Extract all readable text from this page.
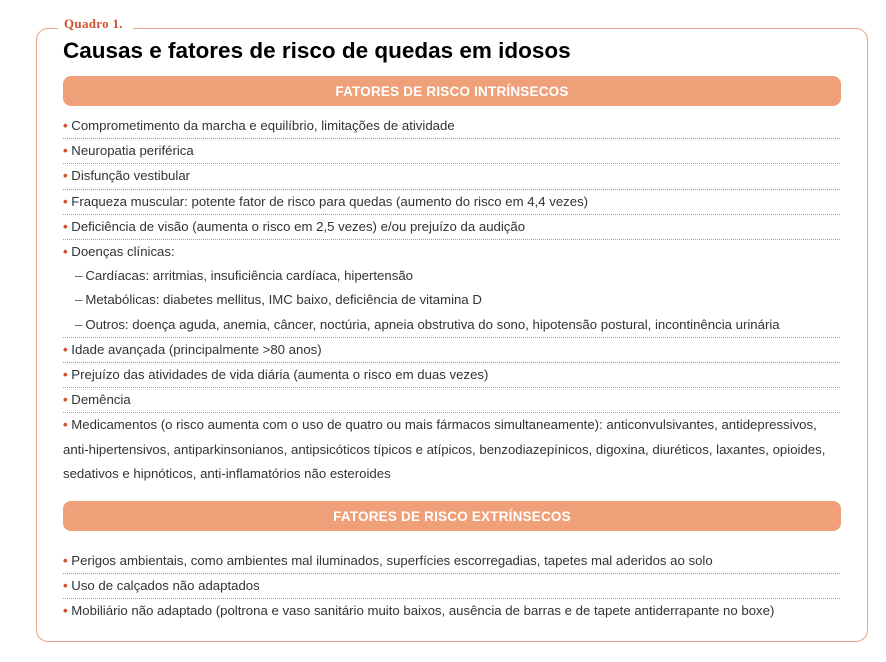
Quadro 1.
Causas e fatores de risco de quedas em idosos
FATORES DE RISCO INTRÍNSECOS
• Comprometimento da marcha e equilíbrio, limitações de atividade
• Neuropatia periférica
• Disfunção vestibular
• Fraqueza muscular: potente fator de risco para quedas (aumento do risco em 4,4 vezes)
• Deficiência de visão (aumenta o risco em 2,5 vezes) e/ou prejuízo da audição
• Doenças clínicas:
– Cardíacas: arritmias, insuficiência cardíaca, hipertensão
– Metabólicas: diabetes mellitus, IMC baixo, deficiência de vitamina D
– Outros: doença aguda, anemia, câncer, noctúria, apneia obstrutiva do sono, hipotensão postural, incontinência urinária
• Idade avançada (principalmente >80 anos)
• Prejuízo das atividades de vida diária (aumenta o risco em duas vezes)
• Demência
• Medicamentos (o risco aumenta com o uso de quatro ou mais fármacos simultaneamente): anticonvulsivantes, antidepressivos, anti-hipertensivos, antiparkinsonianos, antipsicóticos típicos e atípicos, benzodiazepínicos, digoxina, diuréticos, laxantes, opioides, sedativos e hipnóticos, anti-inflamatórios não esteroides
FATORES DE RISCO EXTRÍNSECOS
• Perigos ambientais, como ambientes mal iluminados, superfícies escorregadias, tapetes mal aderidos ao solo
• Uso de calçados não adaptados
• Mobiliário não adaptado (poltrona e vaso sanitário muito baixos, ausência de barras e de tapete antiderrapante no boxe)
